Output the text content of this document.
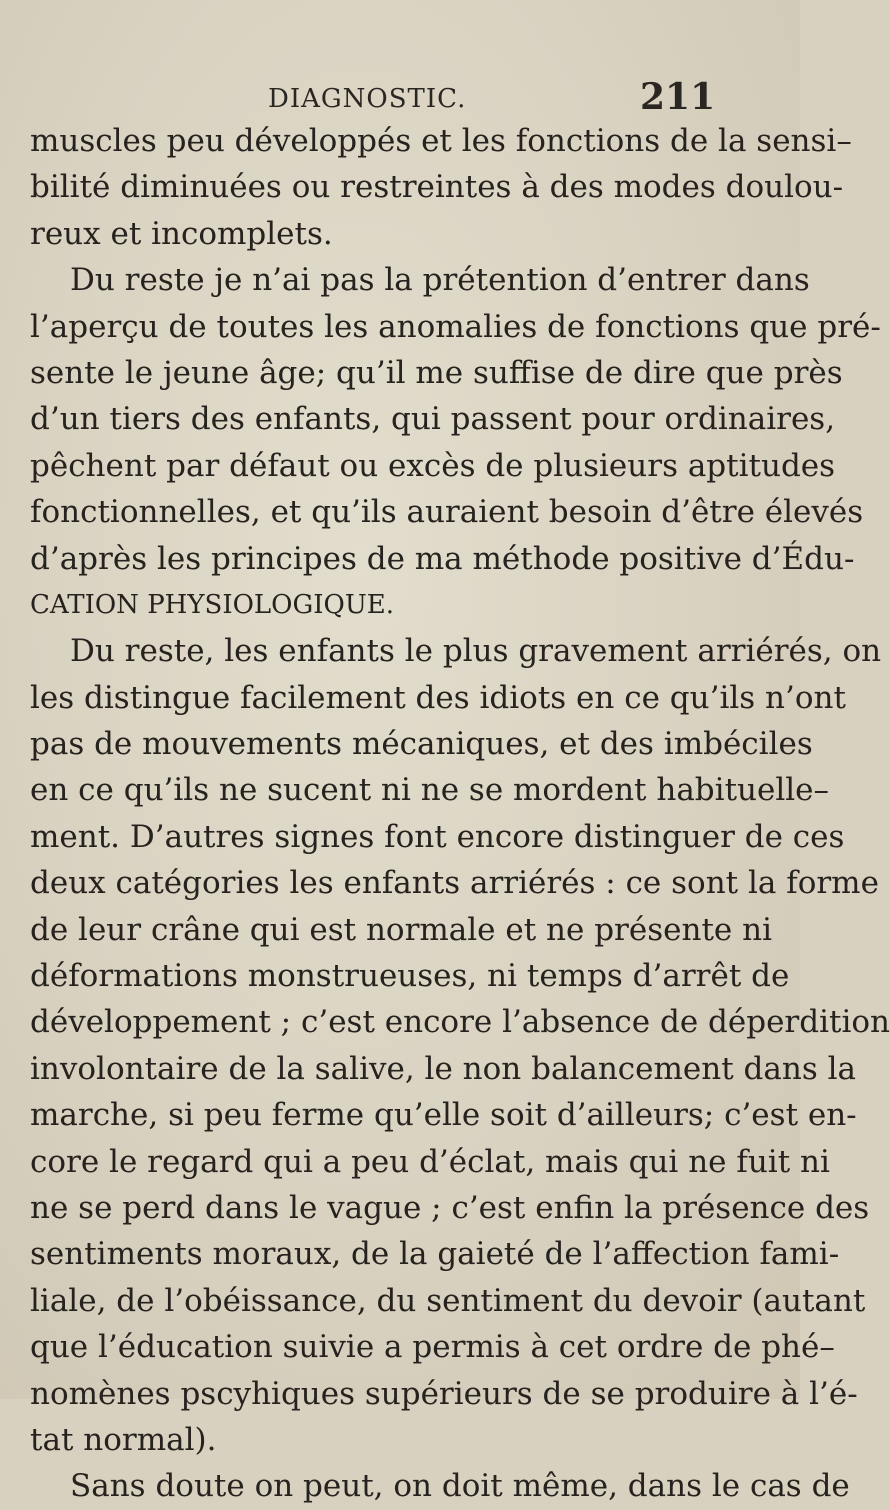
DIAGNOSTIC.	211
muscles peu développés et les fonctions de la sensi–
bilité diminuées ou restreintes à des modes doulou-
reux et incomplets.
Du reste je n’ai pas la prétention d’entrer dans
l’aperçu de toutes les anomalies de fonctions que pré-
sente le jeune âge; qu’il me suffise de dire que près
d’un tiers des enfants, qui passent pour ordinaires,
pêchent par défaut ou excès de plusieurs aptitudes
fonctionnelles, et qu’ils auraient besoin d’être élevés
d’après les principes de ma méthode positive d’Édu-
CATION PHYSIOLOGIQUE.
Du reste, les enfants le plus gravement arriérés, on
les distingue facilement des idiots en ce qu’ils n’ont
pas de mouvements mécaniques, et des imbéciles
en ce qu’ils ne sucent ni ne se mordent habituelle–
ment. D’autres signes font encore distinguer de ces
deux catégories les enfants arriérés : ce sont la forme
de leur crâne qui est normale et ne présente ni
déformations monstrueuses, ni temps d’arrêt de
développement ; c’est encore l’absence de déperdition
involontaire de la salive, le non balancement dans la
marche, si peu ferme qu’elle soit d’ailleurs; c’est en-
core le regard qui a peu d’éclat, mais qui ne fuit ni
ne se perd dans le vague ; c’est enfin la présence des
sentiments moraux, de la gaieté de l’affection fami-
liale, de l’obéissance, du sentiment du devoir (autant
que l’éducation suivie a permis à cet ordre de phé–
nomènes pscyhiques supérieurs de se produire à l’é-
tat normal).
Sans doute on peut, on doit même, dans le cas de
